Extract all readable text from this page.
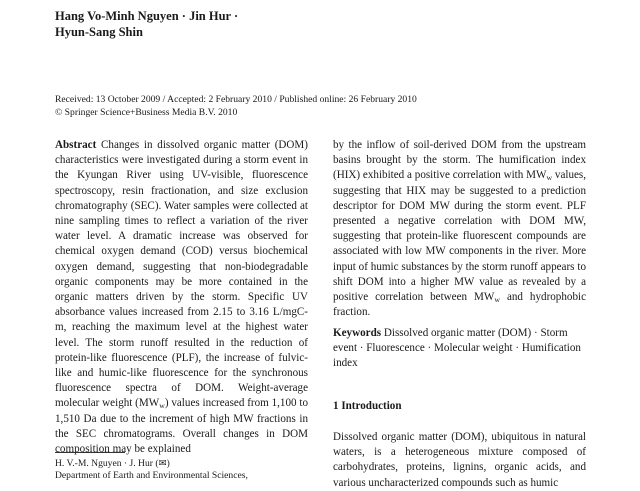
Hang Vo-Minh Nguyen · Jin Hur ·
Hyun-Sang Shin
Received: 13 October 2009 / Accepted: 2 February 2010 / Published online: 26 February 2010
© Springer Science+Business Media B.V. 2010
Abstract Changes in dissolved organic matter (DOM) characteristics were investigated during a storm event in the Kyungan River using UV-visible, fluorescence spectroscopy, resin fractionation, and size exclusion chromatography (SEC). Water samples were collected at nine sampling times to reflect a variation of the river water level. A dramatic increase was observed for chemical oxygen demand (COD) versus biochemical oxygen demand, suggesting that non-biodegradable organic components may be more contained in the organic matters driven by the storm. Specific UV absorbance values increased from 2.15 to 3.16 L/mgC-m, reaching the maximum level at the highest water level. The storm runoff resulted in the reduction of protein-like fluorescence (PLF), the increase of fulvic-like and humic-like fluorescence for the synchronous fluorescence spectra of DOM. Weight-average molecular weight $(MW_w)$ values increased from 1,100 to 1,510 Da due to the increment of high MW fractions in the SEC chromatograms. Overall changes in DOM composition may be explained
by the inflow of soil-derived DOM from the upstream basins brought by the storm. The humification index (HIX) exhibited a positive correlation with $MW_w$ values, suggesting that HIX may be suggested to a prediction descriptor for DOM MW during the storm event. PLF presented a negative correlation with DOM MW, suggesting that protein-like fluorescent compounds are associated with low MW components in the river. More input of humic substances by the storm runoff appears to shift DOM into a higher MW value as revealed by a positive correlation between $MW_w$ and hydrophobic fraction.
Keywords Dissolved organic matter (DOM) · Storm event · Fluorescence · Molecular weight · Humification index
1 Introduction
Dissolved organic matter (DOM), ubiquitous in natural waters, is a heterogeneous mixture composed of carbohydrates, proteins, lignins, organic acids, and various uncharacterized compounds such as humic
H. V.-M. Nguyen · J. Hur (✉)
Department of Earth and Environmental Sciences,
